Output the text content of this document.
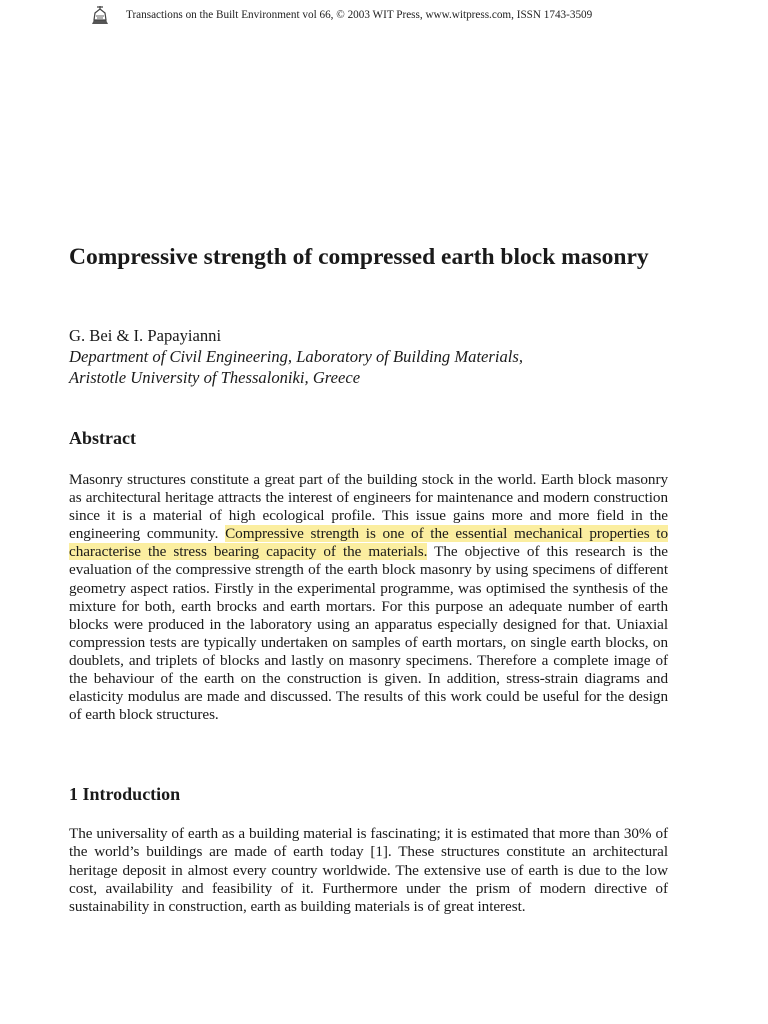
Transactions on the Built Environment vol 66, © 2003 WIT Press, www.witpress.com, ISSN 1743-3509
Compressive strength of compressed earth block masonry

G. Bei & I. Papayianni

Department of Civil Engineering, Laboratory of Building Materials,

Aristotle University of Thessaloniki, Greece

Abstract

Masonry structures constitute a great part of the building stock in the world. Earth block masonry as architectural heritage attracts the interest of engineers for maintenance and modern construction since it is a material of high ecological profile. This issue gains more and more field in the engineering community. Compressive strength is one of the essential mechanical properties to characterise the stress bearing capacity of the materials. The objective of this research is the evaluation of the compressive strength of the earth block masonry by using specimens of different geometry aspect ratios. Firstly in the experimental programme, was optimised the synthesis of the mixture for both, earth brocks and earth mortars. For this purpose an adequate number of earth blocks were produced in the laboratory using an apparatus especially designed for that. Uniaxial compression tests are typically undertaken on samples of earth mortars, on single earth blocks, on doublets, and triplets of blocks and lastly on masonry specimens. Therefore a complete image of the behaviour of the earth on the construction is given. In addition, stress-strain diagrams and elasticity modulus are made and discussed. The results of this work could be useful for the design of earth block structures.

1 Introduction

The universality of earth as a building material is fascinating; it is estimated that more than 30% of the world’s buildings are made of earth today [1]. These structures constitute an architectural heritage deposit in almost every country worldwide. The extensive use of earth is due to the low cost, availability and feasibility of it. Furthermore under the prism of modern directive of sustainability in construction, earth as building materials is of great interest.
